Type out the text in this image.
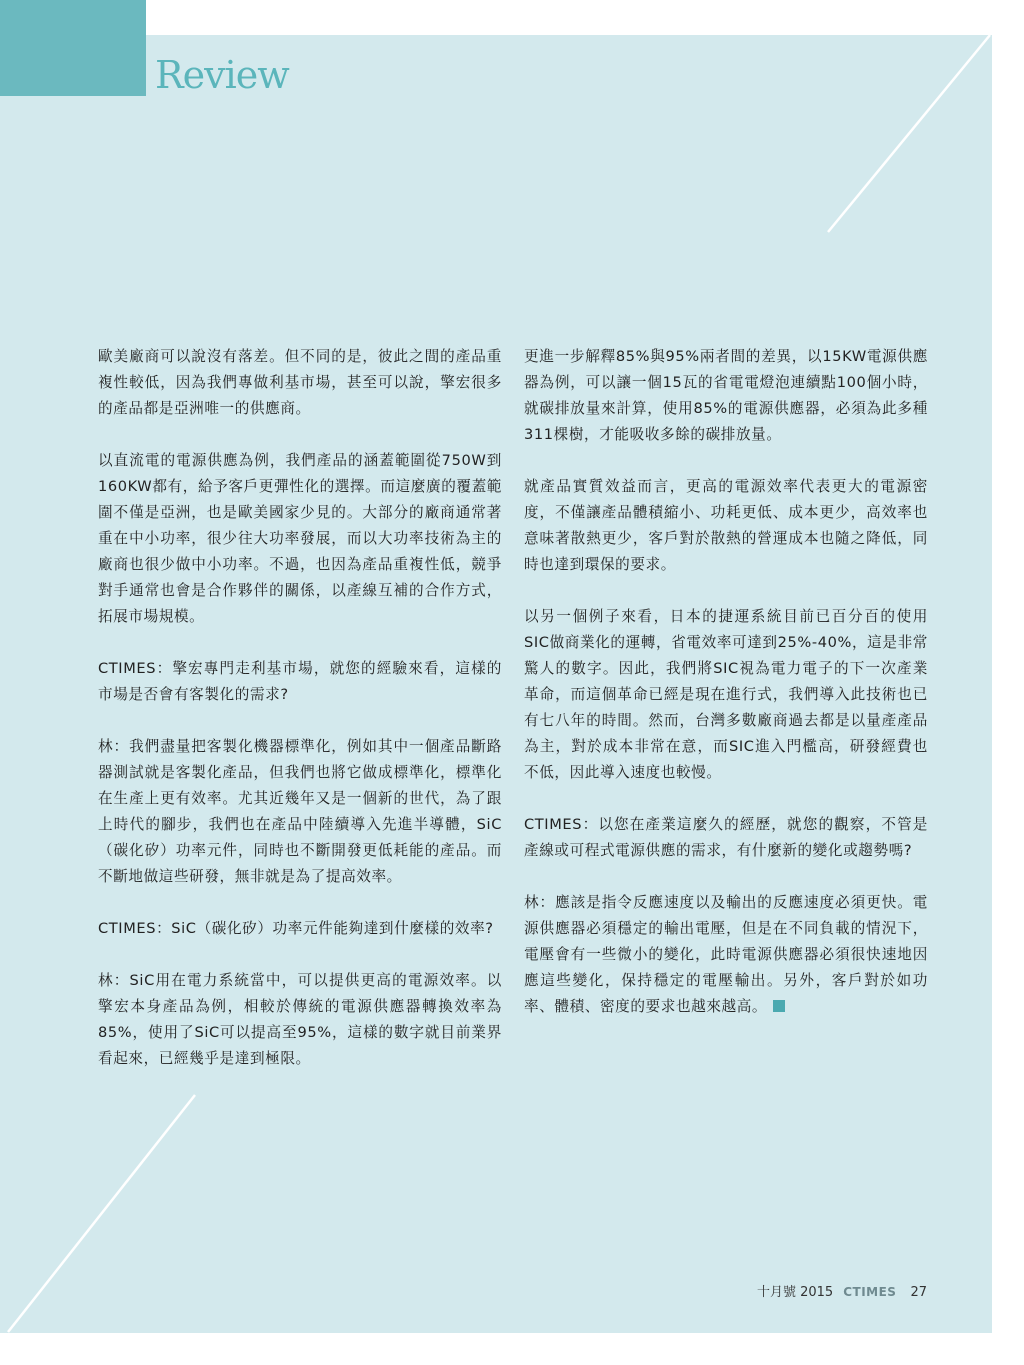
Review

歐美廠商可以說沒有落差。但不同的是，彼此之間的產品重複性較低，因為我們專做利基市場，甚至可以說，擎宏很多的產品都是亞洲唯一的供應商。

以直流電的電源供應為例，我們產品的涵蓋範圍從750W到160KW都有，給予客戶更彈性化的選擇。而這麼廣的覆蓋範圍不僅是亞洲，也是歐美國家少見的。大部分的廠商通常著重在中小功率，很少往大功率發展，而以大功率技術為主的廠商也很少做中小功率。不過，也因為產品重複性低，競爭對手通常也會是合作夥伴的關係，以產線互補的合作方式，拓展市場規模。

CTIMES：擎宏專門走利基市場，就您的經驗來看，這樣的市場是否會有客製化的需求?

林：我們盡量把客製化機器標準化，例如其中一個產品斷路器測試就是客製化產品，但我們也將它做成標準化，標準化在生產上更有效率。尤其近幾年又是一個新的世代，為了跟上時代的腳步，我們也在產品中陸續導入先進半導體，SiC（碳化矽）功率元件，同時也不斷開發更低耗能的產品。而不斷地做這些研發，無非就是為了提高效率。

CTIMES：SiC（碳化矽）功率元件能夠達到什麼樣的效率?

林：SiC用在電力系統當中，可以提供更高的電源效率。以擎宏本身產品為例，相較於傳統的電源供應器轉換效率為85%，使用了SiC可以提高至95%，這樣的數字就目前業界看起來，已經幾乎是達到極限。

更進一步解釋85%與95%兩者間的差異，以15KW電源供應器為例，可以讓一個15瓦的省電電燈泡連續點100個小時，就碳排放量來計算，使用85%的電源供應器，必須為此多種311棵樹，才能吸收多餘的碳排放量。

就產品實質效益而言，更高的電源效率代表更大的電源密度，不僅讓產品體積縮小、功耗更低、成本更少，高效率也意味著散熱更少，客戶對於散熱的營運成本也隨之降低，同時也達到環保的要求。

以另一個例子來看，日本的捷運系統目前已百分百的使用SIC做商業化的運轉，省電效率可達到25%-40%，這是非常驚人的數字。因此，我們將SIC視為電力電子的下一次產業革命，而這個革命已經是現在進行式，我們導入此技術也已有七八年的時間。然而，台灣多數廠商過去都是以量產產品為主，對於成本非常在意，而SIC進入門檻高，研發經費也不低，因此導入速度也較慢。

CTIMES：以您在產業這麼久的經歷，就您的觀察，不管是產線或可程式電源供應的需求，有什麼新的變化或趨勢嗎?

林：應該是指令反應速度以及輸出的反應速度必須更快。電源供應器必須穩定的輸出電壓，但是在不同負載的情況下，電壓會有一些微小的變化，此時電源供應器必須很快速地因應這些變化，保持穩定的電壓輸出。另外，客戶對於如功率、體積、密度的要求也越來越高。

十月號 2015 CTIMES 27
